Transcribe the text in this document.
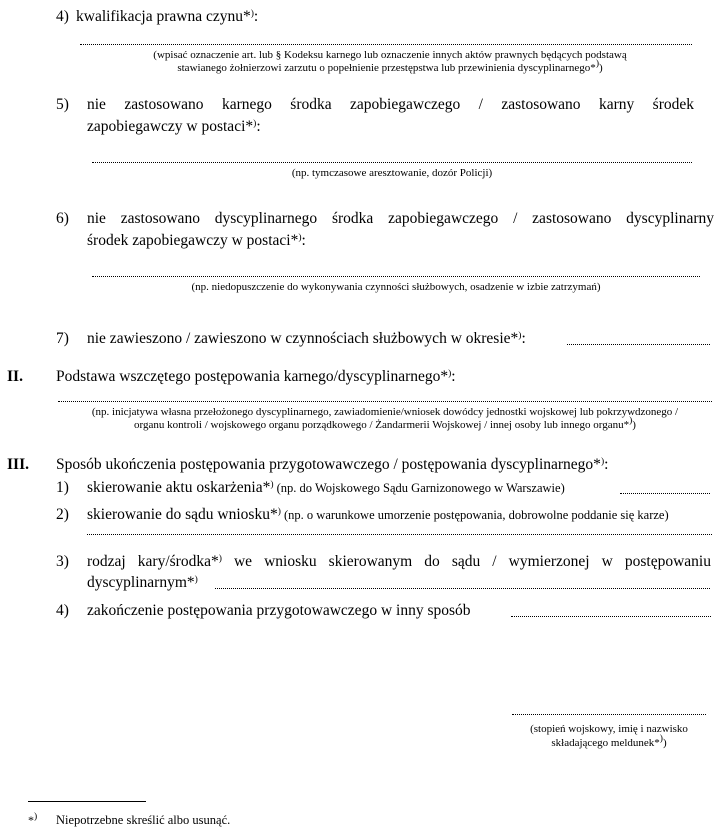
4) kwalifikacja prawna czynu*):
(wpisać oznaczenie art. lub § Kodeksu karnego lub oznaczenie innych aktów prawnych będących podstawą
stawianego żołnierzowi zarzutu o popełnienie przestępstwa lub przewinienia dyscyplinarnego*))
5) nie zastosowano karnego środka zapobiegawczego / zastosowano karny środek
zapobiegawczy w postaci*):
(np. tymczasowe aresztowanie, dozór Policji)
6) nie zastosowano dyscyplinarnego środka zapobiegawczego / zastosowano dyscyplinarny
środek zapobiegawczy w postaci*):
(np. niedopuszczenie do wykonywania czynności służbowych, osadzenie w izbie zatrzymań)
7) nie zawieszono / zawieszono w czynnościach służbowych w okresie*):
II. Podstawa wszczętego postępowania karnego/dyscyplinarnego*):
(np. inicjatywa własna przełożonego dyscyplinarnego, zawiadomienie/wniosek dowódcy jednostki wojskowej lub pokrzywdzonego /
organu kontroli / wojskowego organu porządkowego / Żandarmerii Wojskowej / innej osoby lub innego organu*))
III. Sposób ukończenia postępowania przygotowawczego / postępowania dyscyplinarnego*):
1) skierowanie aktu oskarżenia*) (np. do Wojskowego Sądu Garnizonowego w Warszawie)
2) skierowanie do sądu wniosku*) (np. o warunkowe umorzenie postępowania, dobrowolne poddanie się karze)
3) rodzaj kary/środka*) we wniosku skierowanym do sądu / wymierzonej w postępowaniu
dyscyplinarnym*)
4) zakończenie postępowania przygotowawczego w inny sposób
(stopień wojskowy, imię i nazwisko
składającego meldunek*))
*) Niepotrzebne skreślić albo usunąć.
